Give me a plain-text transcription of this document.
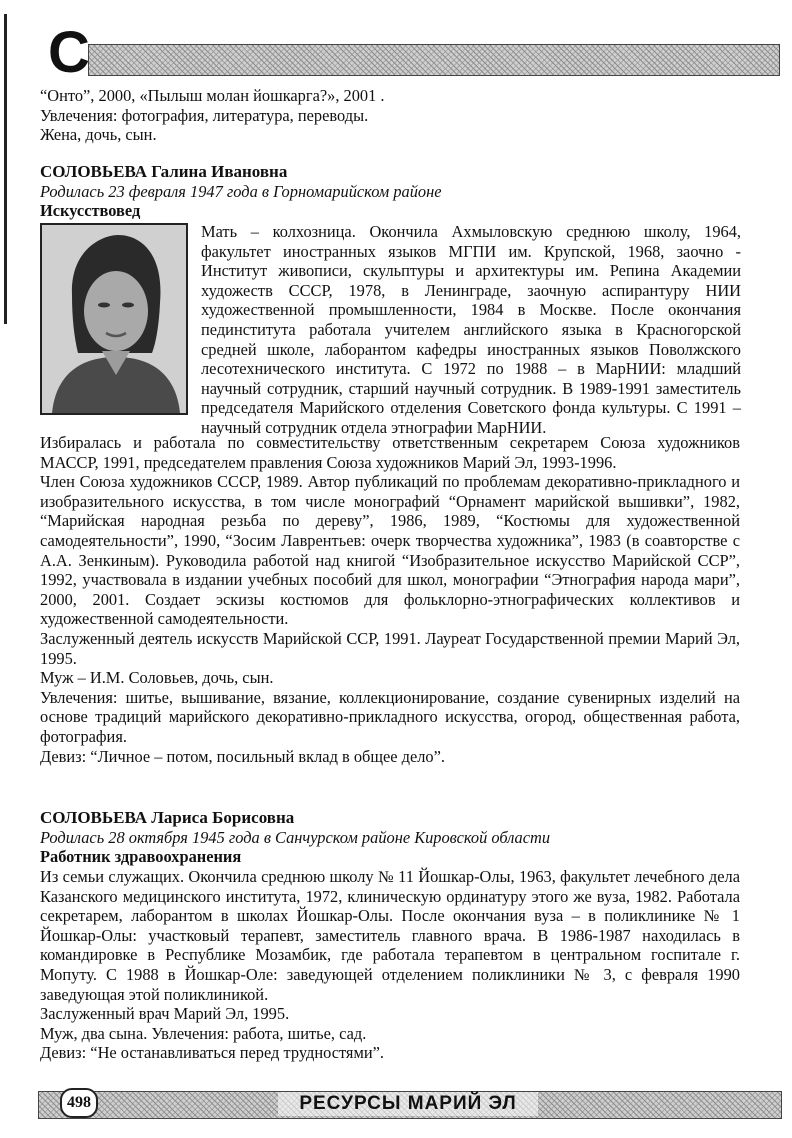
С

“Онто”, 2000, «Пылыш молан йошкарга?», 2001 .

Увлечения: фотография, литература, переводы.

Жена, дочь, сын.

СОЛОВЬЕВА Галина Ивановна

Родилась 23 февраля 1947 года в Горномарийском районе

Искусствовед

Мать – колхозница. Окончила Ахмыловскую среднюю школу, 1964, факультет иностранных языков МГПИ им. Крупской, 1968, заочно - Институт живописи, скульптуры и архитектуры им. Репина Академии художеств СССР, 1978, в Ленинграде, заочную аспирантуру НИИ художественной промышленности, 1984 в Москве. После окончания пединститута работала учителем английского языка в Красногорской средней школе, лаборантом кафедры иностранных языков Поволжского лесотехнического института. С 1972 по 1988 – в МарНИИ: младший научный сотрудник, старший научный сотрудник. В 1989-1991 заместитель председателя Марийского отделения Советского фонда культуры. С 1991 – научный сотрудник отдела этнографии МарНИИ.

Избиралась и работала по совместительству ответственным секретарем Союза художников МАССР, 1991, председателем правления Союза художников Марий Эл, 1993-1996.

Член Союза художников СССР, 1989. Автор публикаций по проблемам декоративно-прикладного и изобразительного искусства, в том числе монографий “Орнамент марийской вышивки”, 1982, “Марийская народная резьба по дереву”, 1986, 1989, “Костюмы для художественной самодеятельности”, 1990, “Зосим Лаврентьев: очерк творчества художника”, 1983 (в соавторстве с А.А. Зенкиным). Руководила работой над книгой “Изобразительное искусство Марийской ССР”, 1992, участвовала в издании учебных пособий для школ, монографии “Этнография народа мари”, 2000, 2001. Создает эскизы костюмов для фольклорно-этнографических коллективов и художественной самодеятельности.

Заслуженный деятель искусств Марийской ССР, 1991. Лауреат Государственной премии Марий Эл, 1995.

Муж – И.М. Соловьев, дочь, сын.

Увлечения: шитье, вышивание, вязание, коллекционирование, создание сувенирных изделий на основе традиций марийского декоративно-прикладного искусства, огород, общественная работа, фотография.

Девиз: “Личное – потом, посильный вклад в общее дело”.

СОЛОВЬЕВА Лариса Борисовна

Родилась 28 октября 1945 года в Санчурском районе Кировской области

Работник здравоохранения

Из семьи служащих. Окончила среднюю школу № 11 Йошкар-Олы, 1963, факультет лечебного дела Казанского медицинского института, 1972, клиническую ординатуру этого же вуза, 1982. Работала секретарем, лаборантом в школах Йошкар-Олы. После окончания вуза – в поликлинике № 1 Йошкар-Олы: участковый терапевт, заместитель главного врача. В 1986-1987 находилась в командировке в Республике Мозамбик, где работала терапевтом в центральном госпитале г. Мопуту. С 1988 в Йошкар-Оле: заведующей отделением поликлиники № 3, с февраля 1990 заведующая этой поликлиникой.

Заслуженный врач Марий Эл, 1995.

Муж, два сына. Увлечения: работа, шитье, сад.

Девиз: “Не останавливаться перед трудностями”.

498	РЕСУРСЫ МАРИЙ ЭЛ
